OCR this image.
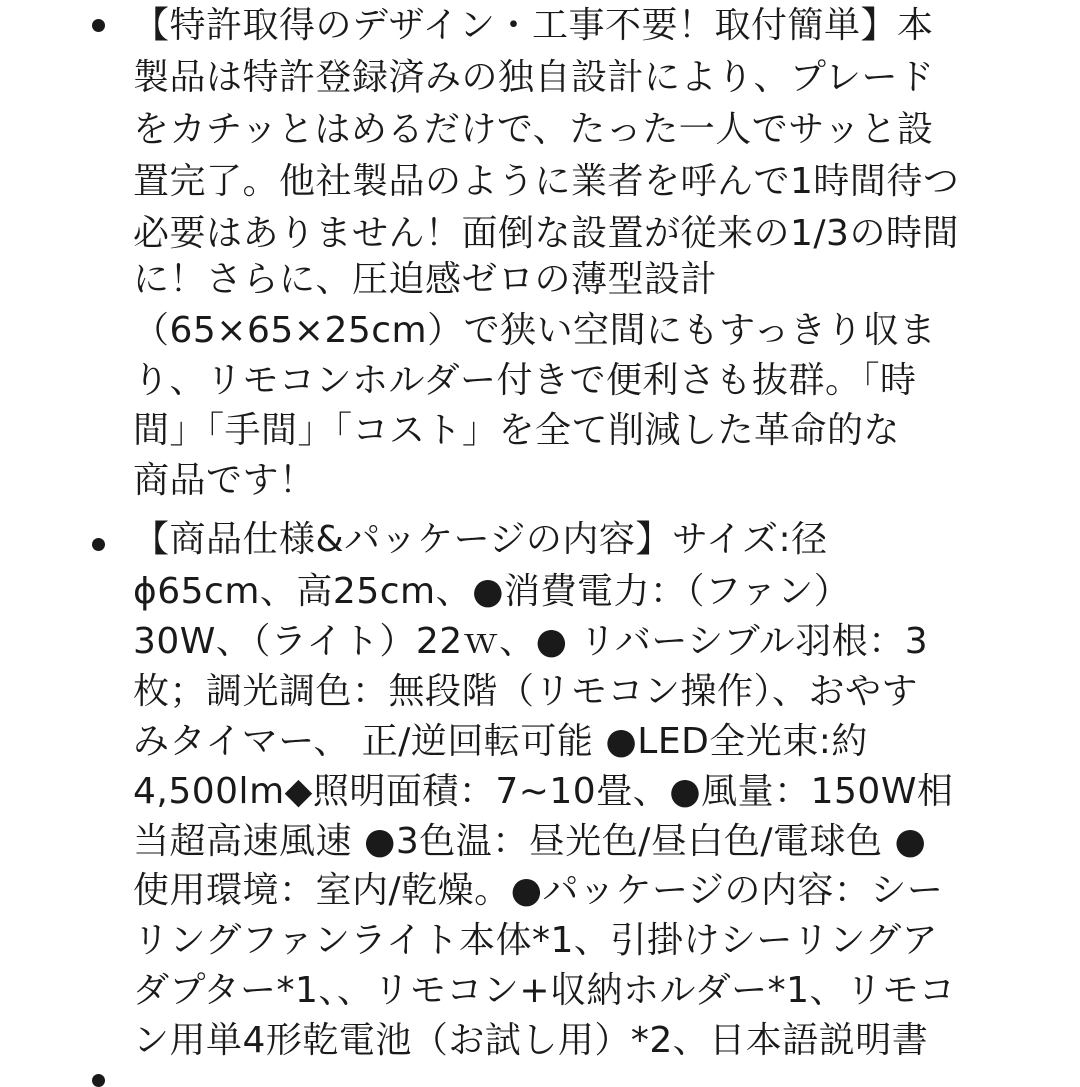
【特許取得のデザイン・工事不要！取付簡単】本
製品は特許登録済みの独自設計により、プレード
をカチッとはめるだけで、たった一人でサッと設
置完了。他社製品のように業者を呼んで1時間待つ
必要はありません！面倒な設置が従来の1/3の時間
に！さらに、圧迫感ゼロの薄型設計
（65×65×25cm）で狭い空間にもすっきり収ま
り、リモコンホルダー付きで便利さも抜群。「時
間」「手間」「コスト」を全て削減した革命的な
商品です！
【商品仕様&パッケージの内容】サイズ:径
ϕ65cm、高25cm、●消費電力：（ファン）
30W、（ライト）22ｗ、● リバーシブル羽根：3
枚；調光調色：無段階（リモコン操作）、おやす
みタイマー、 正/逆回転可能 ●LED全光束:約
4,500lm◆照明面積：7~10畳、●風量：150W相
当超高速風速 ●3色温：昼光色/昼白色/電球色 ●
使用環境：室内/乾燥。●パッケージの内容：シー
リングファンライト本体*1、引掛けシーリングア
ダプター*1、、リモコン+収納ホルダー*1、リモコ
ン用単4形乾電池（お試し用）*2、日本語説明書
